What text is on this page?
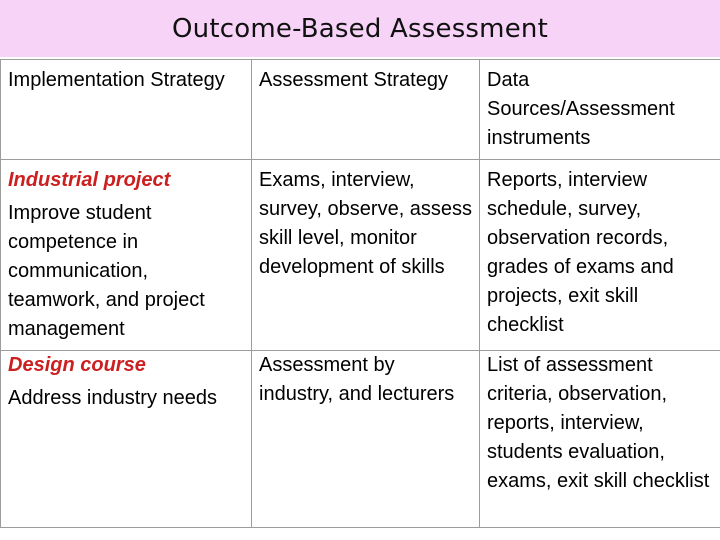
Outcome-Based Assessment
Implementation Strategy	Assessment Strategy	Data Sources/Assessment instruments

Industrial project
Improve student competence in communication, teamwork, and project management	Exams, interview, survey, observe, assess skill level, monitor development of skills	Reports, interview schedule, survey, observation records, grades of exams and projects, exit skill checklist

Design course
Address industry needs	Assessment by industry, and lecturers	List of assessment criteria, observation, reports, interview, students evaluation, exams, exit skill checklist
